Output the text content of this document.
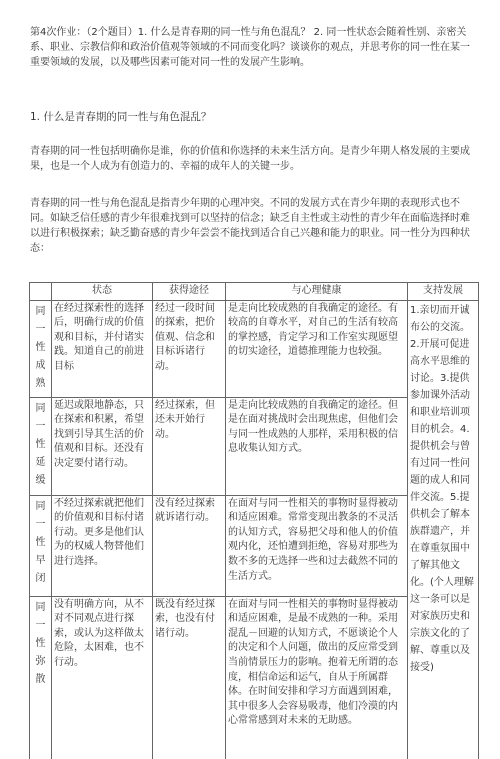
第4次作业：（2个题目）1. 什么是青春期的同一性与角色混乱？ 2. 同一性状态会随着性别、亲密关系、职业、宗教信仰和政治价值观等领域的不同而变化吗？谈谈你的观点，并思考你的同一性在某一重要领域的发展，以及哪些因素可能对同一性的发展产生影响。

1. 什么是青春期的同一性与角色混乱？

青春期的同一性包括明确你是谁，你的价值和你选择的未来生活方向。是青少年期人格发展的主要成果，也是一个人成为有创造力的、幸福的成年人的关键一步。

青春期的同一性与角色混乱是指青少年期的心理冲突。不同的发展方式在青少年期的表现形式也不同。如缺乏信任感的青少年很难找到可以坚持的信念；缺乏自主性或主动性的青少年在面临选择时难以进行积极探索；缺乏勤奋感的青少年尝尝不能找到适合自己兴趣和能力的职业。同一性分为四种状态：

	状态	获得途径	与心理健康	支持发展

同一性成熟	在经过探索性的选择后，明确行成的价值观和目标，并付诸实践。知道自己的前进目标	经过一段时间的探索，把价值观、信念和目标诉诸行动。	是走向比较成熟的自我确定的途径。有较高的自尊水平，对自己的生活有较高的掌控感，肯定学习和工作室实现愿望的切实途径，道德推理能力也较强。	1.亲切而开诚布公的交流。2.开展可促进高水平思维的讨论。3.提供参加课外活动和职业培训项目的机会。4.提供机会与曾有过同一性问题的成人和同伴交流。5.提供机会了解本族群遗产，并在尊重氛围中了解其他文化。(个人理解这一条可以是对家族历史和宗族文化的了解、尊重以及接受)

同一性延缓	延迟或限地静态，只在探索和积累，希望找到引导其生活的价值观和目标。还没有决定要付诸行动。	经过探索，但还未开始行动。	是走向比较成熟的自我确定的途径。但是在面对挑战时会出现焦虑，但他们会与同一性成熟的人那样，采用积极的信息收集认知方式。	

同一性早闭	不经过探索就把他们的价值观和目标付诸行动。更多是他们认为的权威人物替他们进行选择。	没有经过探索就诉诸行动。	在面对与同一性相关的事物时显得被动和适应困难。常常变现出教条的不灵活的认知方式，容易把父母和他人的价值观内化，还怕遭到拒绝，容易对那些为数不多的无选择一些和过去截然不同的生活方式。	

同一性弥散	没有明确方向，从不对不同观点进行探索，或认为这样做太危险，太困难，也不行动。	既没有经过探索，也没有付诸行动。	在面对与同一性相关的事物时显得被动和适应困难，是最不成熟的一种。采用混乱－回避的认知方式，不愿谈论个人的决定和个人问题，做出的反应常受到当前情景压力的影响。抱着无所谓的态度，相信命运和运气，自从于所属群体。在时间安排和学习方面遇到困难，其中很多人会容易吸毒，他们冷漠的内心常常感到对未来的无助感。	
